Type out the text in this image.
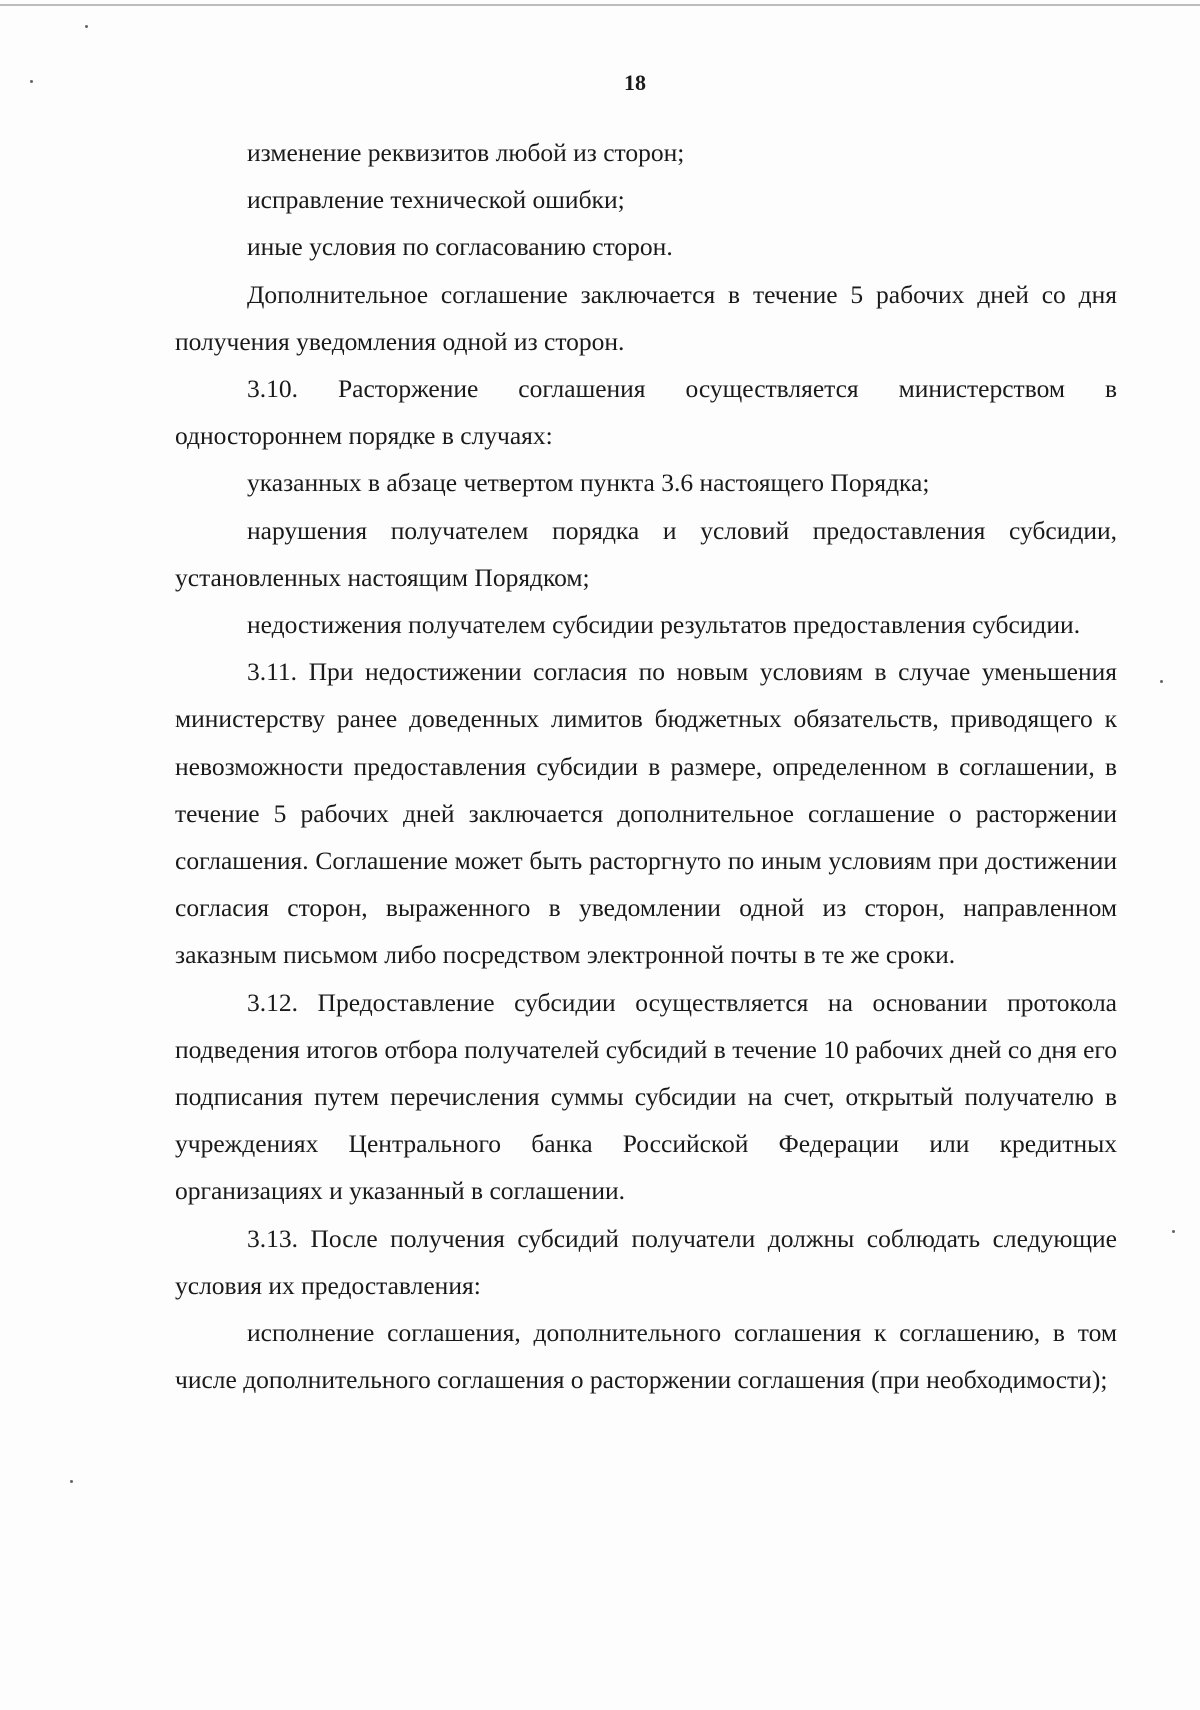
18

изменение реквизитов любой из сторон;

исправление технической ошибки;

иные условия по согласованию сторон.

Дополнительное соглашение заключается в течение 5 рабочих дней со дня получения уведомления одной из сторон.

3.10. Расторжение соглашения осуществляется министерством в одностороннем порядке в случаях:

указанных в абзаце четвертом пункта 3.6 настоящего Порядка;

нарушения получателем порядка и условий предоставления субсидии, установленных настоящим Порядком;

недостижения получателем субсидии результатов предоставления субсидии.

3.11. При недостижении согласия по новым условиям в случае уменьшения министерству ранее доведенных лимитов бюджетных обязательств, приводящего к невозможности предоставления субсидии в размере, определенном в соглашении, в течение 5 рабочих дней заключается дополнительное соглашение о расторжении соглашения. Соглашение может быть расторгнуто по иным условиям при достижении согласия сторон, выраженного в уведомлении одной из сторон, направленном заказным письмом либо посредством электронной почты в те же сроки.

3.12. Предоставление субсидии осуществляется на основании протокола подведения итогов отбора получателей субсидий в течение 10 рабочих дней со дня его подписания путем перечисления суммы субсидии на счет, открытый получателю в учреждениях Центрального банка Российской Федерации или кредитных организациях и указанный в соглашении.

3.13. После получения субсидий получатели должны соблюдать следующие условия их предоставления:

исполнение соглашения, дополнительного соглашения к соглашению, в том числе дополнительного соглашения о расторжении соглашения (при необходимости);
